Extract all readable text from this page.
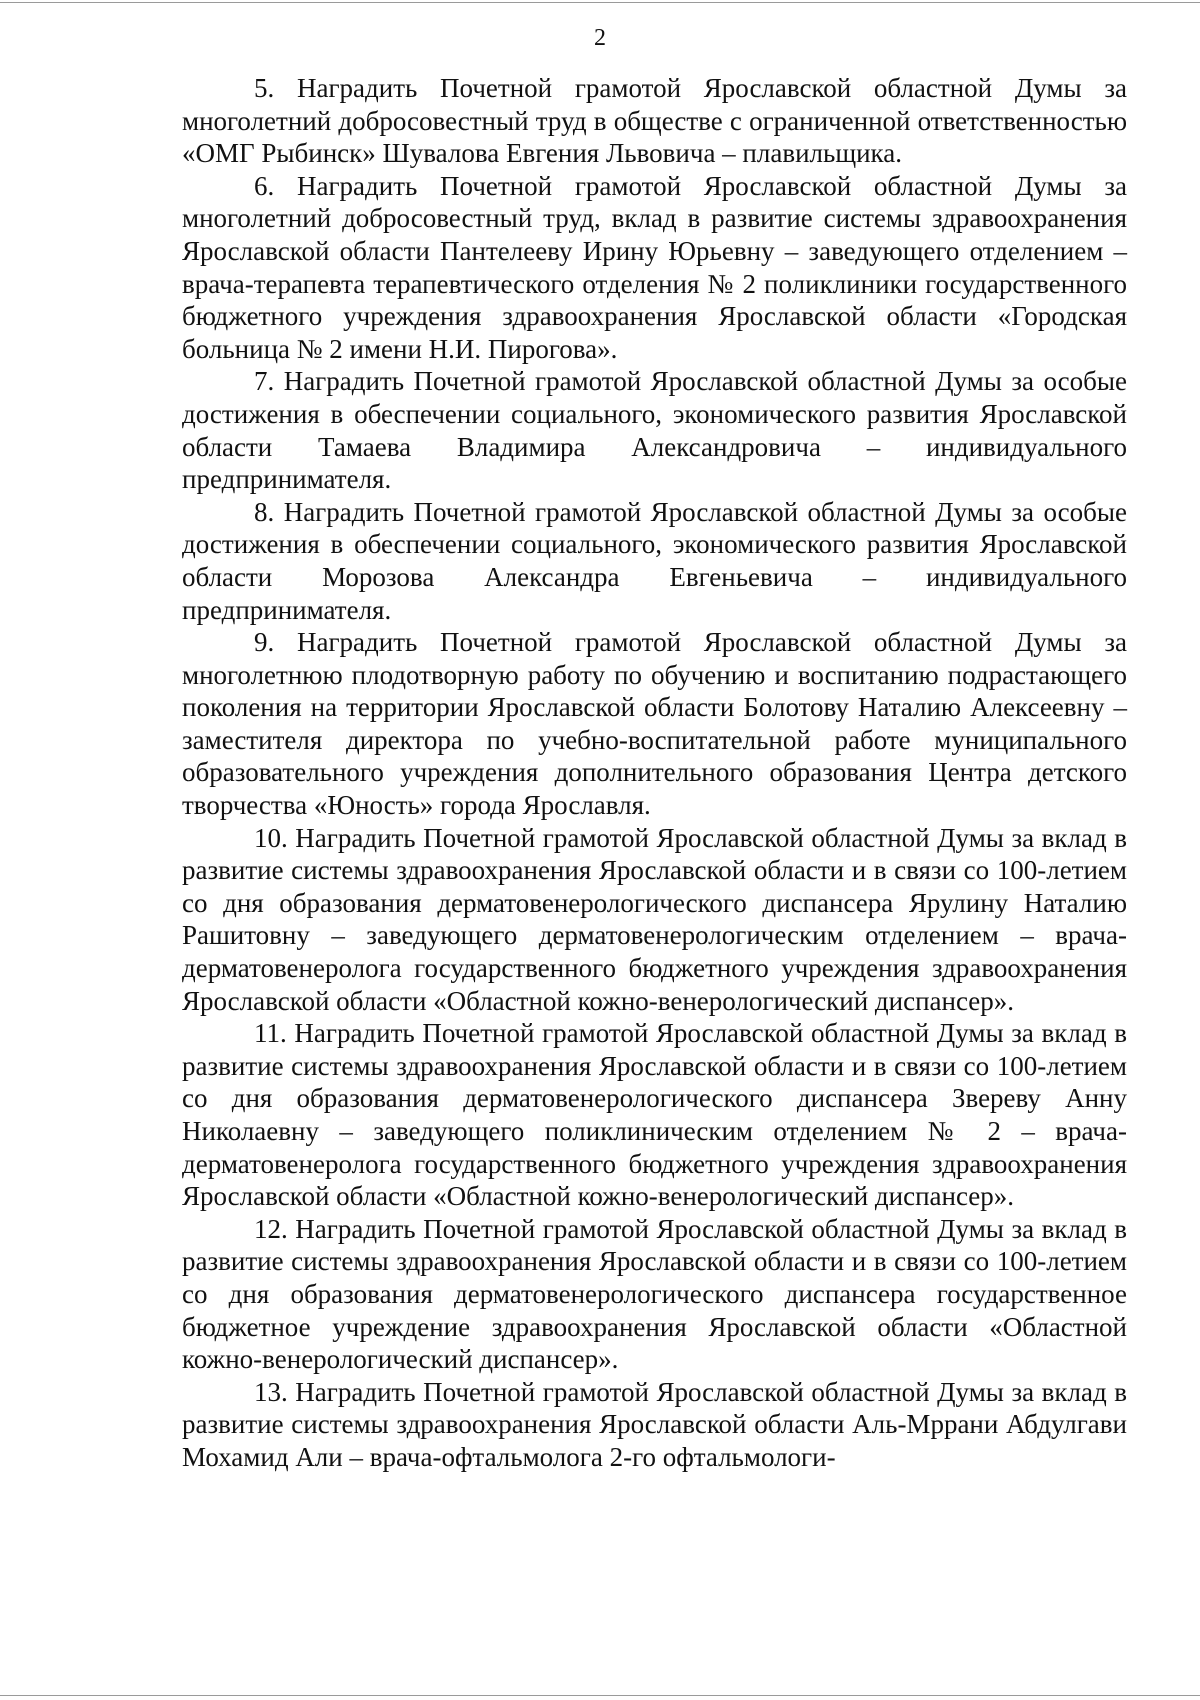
2

5. Наградить Почетной грамотой Ярославской областной Думы за многолетний добросовестный труд в обществе с ограниченной ответственностью «ОМГ Рыбинск» Шувалова Евгения Львовича – плавильщика.

6. Наградить Почетной грамотой Ярославской областной Думы за многолетний добросовестный труд, вклад в развитие системы здравоохранения Ярославской области Пантелееву Ирину Юрьевну – заведующего отделением – врача-терапевта терапевтического отделения № 2 поликлиники государственного бюджетного учреждения здравоохранения Ярославской области «Городская больница № 2 имени Н.И. Пирогова».

7. Наградить Почетной грамотой Ярославской областной Думы за особые достижения в обеспечении социального, экономического развития Ярославской области Тамаева Владимира Александровича – индивидуального предпринимателя.

8. Наградить Почетной грамотой Ярославской областной Думы за особые достижения в обеспечении социального, экономического развития Ярославской области Морозова Александра Евгеньевича – индивидуального предпринимателя.

9. Наградить Почетной грамотой Ярославской областной Думы за многолетнюю плодотворную работу по обучению и воспитанию подрастающего поколения на территории Ярославской области Болотову Наталию Алексеевну – заместителя директора по учебно-воспитательной работе муниципального образовательного учреждения дополнительного образования Центра детского творчества «Юность» города Ярославля.

10. Наградить Почетной грамотой Ярославской областной Думы за вклад в развитие системы здравоохранения Ярославской области и в связи со 100-летием со дня образования дерматовенерологического диспансера Ярулину Наталию Рашитовну – заведующего дерматовенерологическим отделением – врача-дерматовенеролога государственного бюджетного учреждения здравоохранения Ярославской области «Областной кожно-венерологический диспансер».

11. Наградить Почетной грамотой Ярославской областной Думы за вклад в развитие системы здравоохранения Ярославской области и в связи со 100-летием со дня образования дерматовенерологического диспансера Звереву Анну Николаевну – заведующего поликлиническим отделением № 2 – врача-дерматовенеролога государственного бюджетного учреждения здравоохранения Ярославской области «Областной кожно-венерологический диспансер».

12. Наградить Почетной грамотой Ярославской областной Думы за вклад в развитие системы здравоохранения Ярославской области и в связи со 100-летием со дня образования дерматовенерологического диспансера государственное бюджетное учреждение здравоохранения Ярославской области «Областной кожно-венерологический диспансер».

13. Наградить Почетной грамотой Ярославской областной Думы за вклад в развитие системы здравоохранения Ярославской области Аль-Мррани Абдулгави Мохамид Али – врача-офтальмолога 2-го офтальмологи-
